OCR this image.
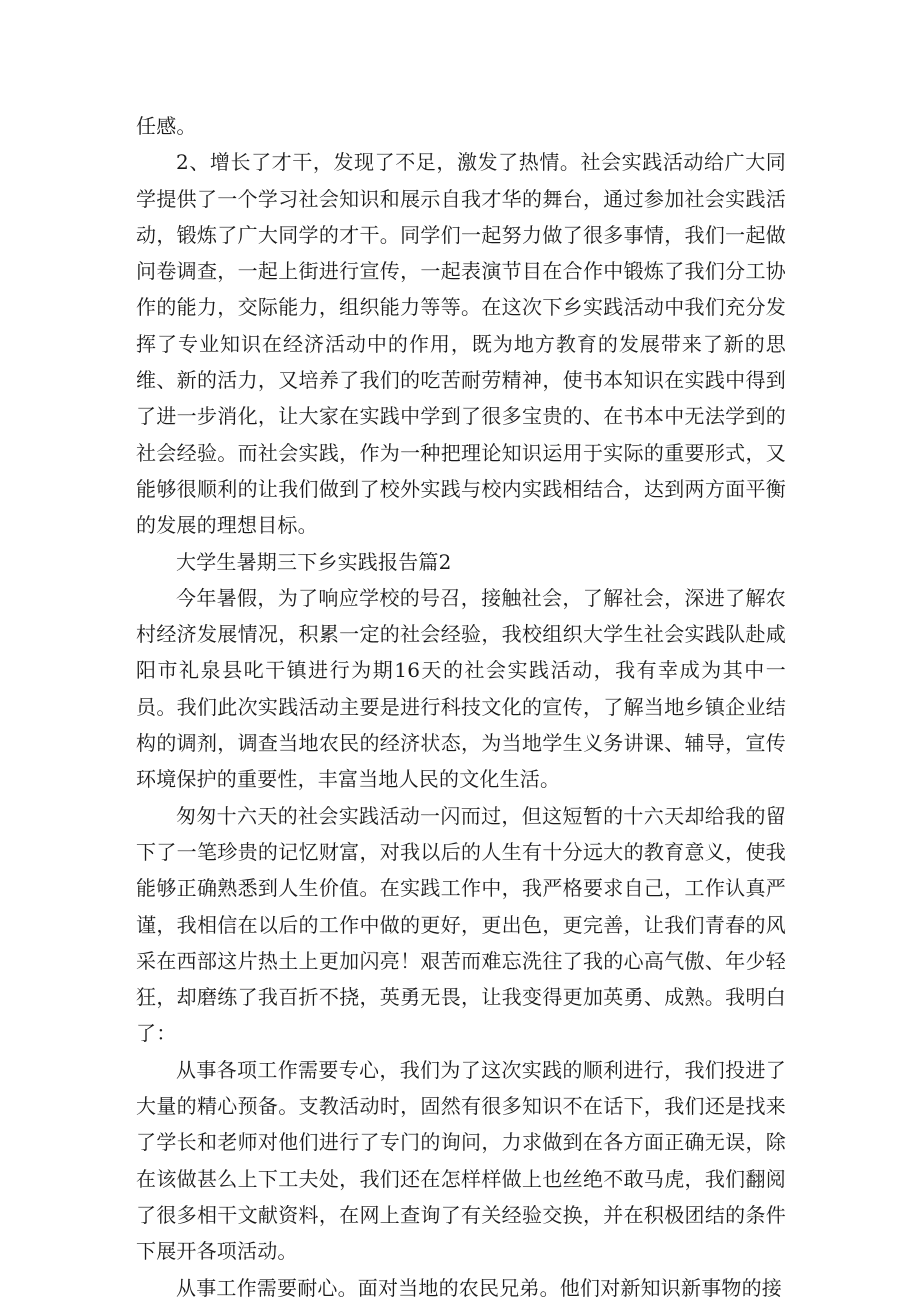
任感。

2、增长了才干，发现了不足，激发了热情。社会实践活动给广大同学提供了一个学习社会知识和展示自我才华的舞台，通过参加社会实践活动，锻炼了广大同学的才干。同学们一起努力做了很多事情，我们一起做问卷调查，一起上街进行宣传，一起表演节目在合作中锻炼了我们分工协作的能力，交际能力，组织能力等等。在这次下乡实践活动中我们充分发挥了专业知识在经济活动中的作用，既为地方教育的发展带来了新的思维、新的活力，又培养了我们的吃苦耐劳精神，使书本知识在实践中得到了进一步消化，让大家在实践中学到了很多宝贵的、在书本中无法学到的社会经验。而社会实践，作为一种把理论知识运用于实际的重要形式，又能够很顺利的让我们做到了校外实践与校内实践相结合，达到两方面平衡的发展的理想目标。

大学生暑期三下乡实践报告篇2

今年暑假，为了响应学校的号召，接触社会，了解社会，深进了解农村经济发展情况，积累一定的社会经验，我校组织大学生社会实践队赴咸阳市礼泉县叱干镇进行为期16天的社会实践活动，我有幸成为其中一员。我们此次实践活动主要是进行科技文化的宣传，了解当地乡镇企业结构的调剂，调查当地农民的经济状态，为当地学生义务讲课、辅导，宣传环境保护的重要性，丰富当地人民的文化生活。

匆匆十六天的社会实践活动一闪而过，但这短暂的十六天却给我的留下了一笔珍贵的记忆财富，对我以后的人生有十分远大的教育意义，使我能够正确熟悉到人生价值。在实践工作中，我严格要求自己，工作认真严谨，我相信在以后的工作中做的更好，更出色，更完善，让我们青春的风采在西部这片热土上更加闪亮！艰苦而难忘洗往了我的心高气傲、年少轻狂，却磨练了我百折不挠，英勇无畏，让我变得更加英勇、成熟。我明白了：

从事各项工作需要专心，我们为了这次实践的顺利进行，我们投进了大量的精心预备。支教活动时，固然有很多知识不在话下，我们还是找来了学长和老师对他们进行了专门的询问，力求做到在各方面正确无误，除在该做甚么上下工夫处，我们还在怎样样做上也丝绝不敢马虎，我们翻阅了很多相干文献资料，在网上查询了有关经验交换，并在积极团结的条件下展开各项活动。

从事工作需要耐心。面对当地的农民兄弟。他们对新知识新事物的接
